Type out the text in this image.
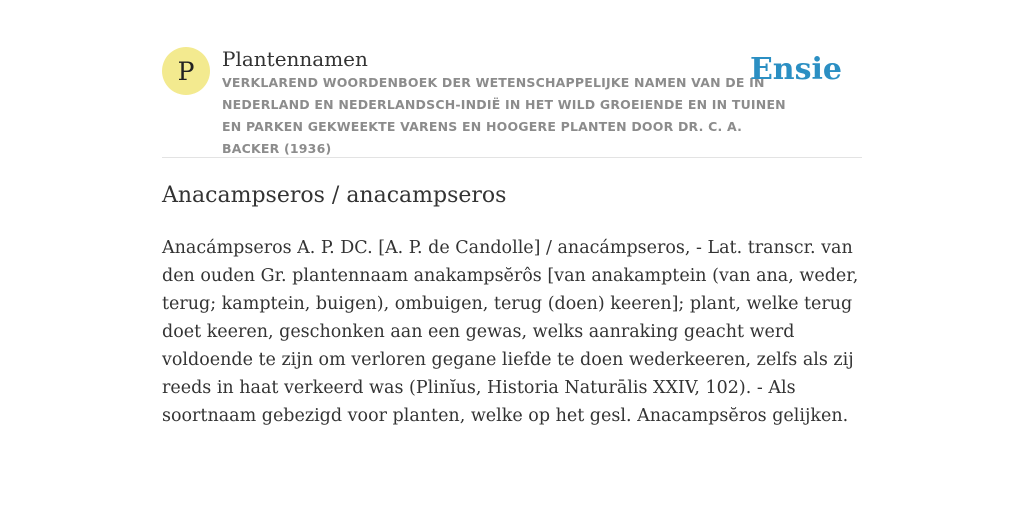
P Plantennamen
VERKLAREND WOORDENBOEK DER WETENSCHAPPELIJKE NAMEN VAN DE IN NEDERLAND EN NEDERLANDSCH-INDIË IN HET WILD GROEIENDE EN IN TUINEN EN PARKEN GEKWEEKTE VARENS EN HOOGERE PLANTEN DOOR DR. C. A. BACKER (1936)
Ensie
Anacampseros / anacampseros

Anacámpseros A. P. DC. [A. P. de Candolle] / anacámpseros, - Lat. transcr. van den ouden Gr. plantennaam anakampsĕrôs [van anakamptein (van ana, weder, terug; kamptein, buigen), ombuigen, terug (doen) keeren]; plant, welke terug doet keeren, geschonken aan een gewas, welks aanraking geacht werd voldoende te zijn om verloren gegane liefde te doen wederkeeren, zelfs als zij reeds in haat verkeerd was (Plinĭus, Historia Naturālis XXIV, 102). - Als soortnaam gebezigd voor planten, welke op het gesl. Anacampsĕros gelijken.
